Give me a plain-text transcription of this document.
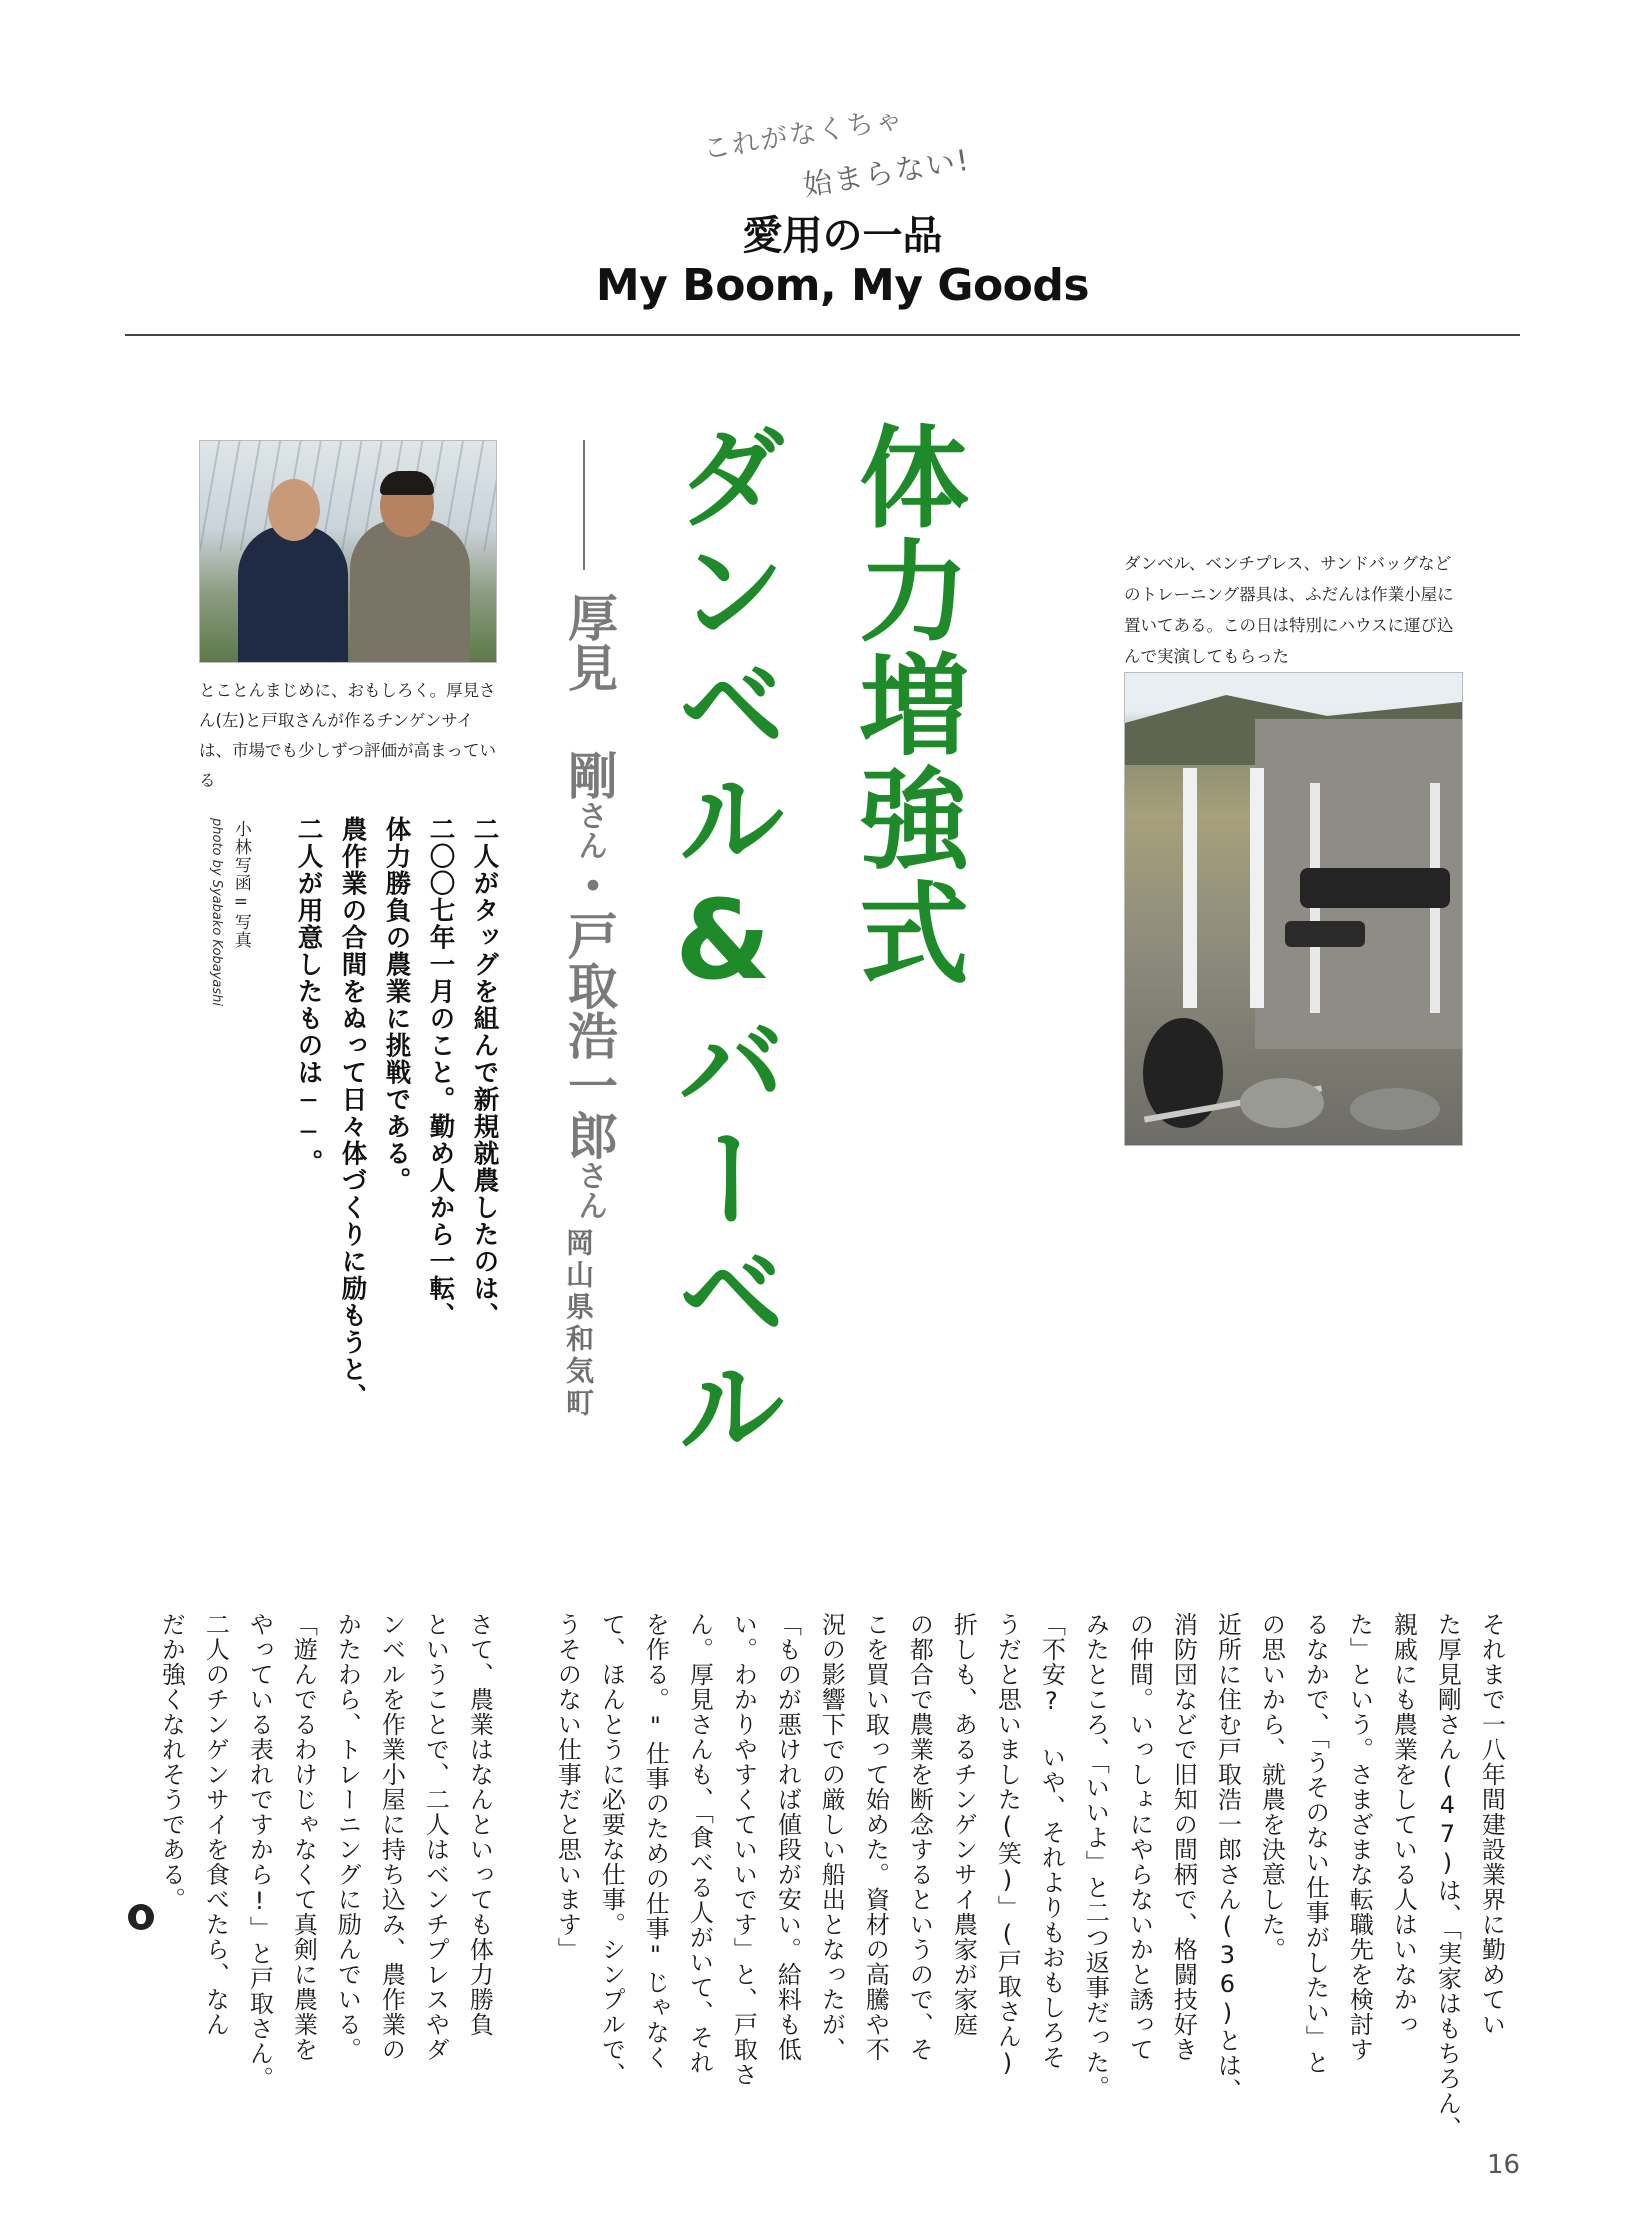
これがなくちゃ
始まらない!
愛用の一品
My Boom, My Goods
とことんまじめに、おもしろく。厚見さん(左)と戸取さんが作るチンゲンサイは、市場でも少しずつ評価が高まっている
ダンベル、ベンチプレス、サンドバッグなどのトレーニング器具は、ふだんは作業小屋に置いてある。この日は特別にハウスに運び込んで実演してもらった
小林写函=写真
photo by Syabako Kobayashi	二人がタッグを組んで新規就農したのは、
二〇〇七年一月のこと。勤め人から一転、
体力勝負の農業に挑戦である。
農作業の合間をぬって日々体づくりに励もうと、
二人が用意したものは──。
厚見 剛さん・戸取浩一郎さん
岡山県和気町
体力増強式
ダンベル&バーベル
それまで一八年間建設業界に勤めてい
た厚見剛さん(47)は、「実家はもちろん、
親戚にも農業をしている人はいなかっ
た」という。さまざまな転職先を検討す
るなかで、「うそのない仕事がしたい」と
の思いから、就農を決意した。
近所に住む戸取浩一郎さん(36)とは、
消防団などで旧知の間柄で、格闘技好き
の仲間。いっしょにやらないかと誘って
みたところ、「いいよ」と二つ返事だった。
「不安? いや、それよりもおもしろそ
うだと思いました(笑)」(戸取さん)
折しも、あるチンゲンサイ農家が家庭
の都合で農業を断念するというので、そ
こを買い取って始めた。資材の高騰や不
況の影響下での厳しい船出となったが、
「ものが悪ければ値段が安い。給料も低
い。わかりやすくていいです」と、戸取さ
ん。厚見さんも、「食べる人がいて、それ
を作る。"仕事のための仕事"じゃなく
て、ほんとうに必要な仕事。シンプルで、
うそのない仕事だと思います」
さて、農業はなんといっても体力勝負
ということで、二人はベンチプレスやダ
ンベルを作業小屋に持ち込み、農作業の
かたわら、トレーニングに励んでいる。
「遊んでるわけじゃなくて真剣に農業を
やっている表れですから!」と戸取さん。
二人のチンゲンサイを食べたら、なん
だか強くなれそうである。
16
